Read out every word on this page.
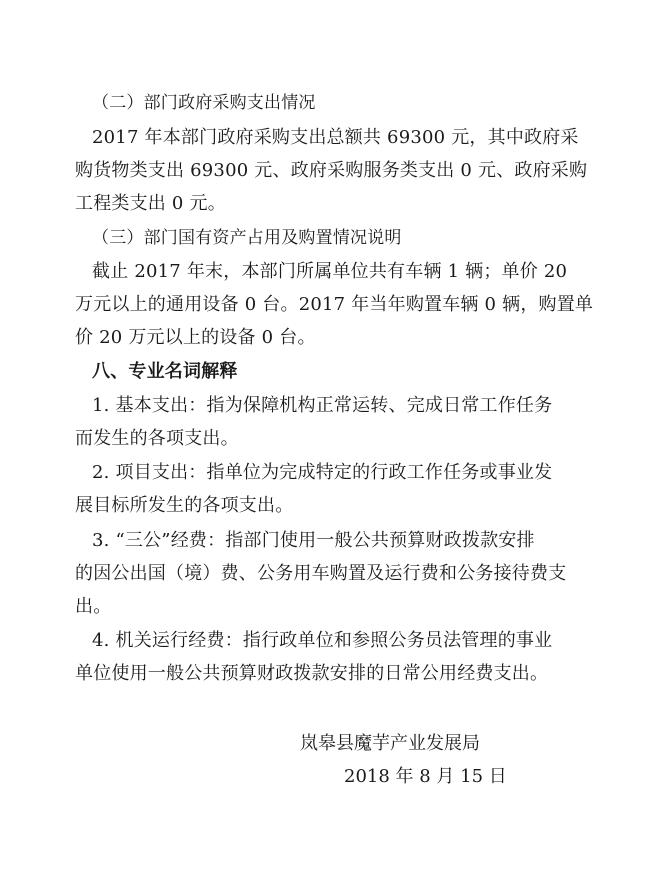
（二）部门政府采购支出情况
2017 年本部门政府采购支出总额共 69300 元，其中政府采
购货物类支出 69300 元、政府采购服务类支出 0 元、政府采购
工程类支出 0 元。
（三）部门国有资产占用及购置情况说明
截止 2017 年末，本部门所属单位共有车辆 1 辆；单价 20
万元以上的通用设备 0 台。2017 年当年购置车辆 0 辆，购置单
价 20 万元以上的设备 0 台。
八、专业名词解释
1. 基本支出：指为保障机构正常运转、完成日常工作任务
而发生的各项支出。
2. 项目支出：指单位为完成特定的行政工作任务或事业发
展目标所发生的各项支出。
3. “三公”经费：指部门使用一般公共预算财政拨款安排
的因公出国（境）费、公务用车购置及运行费和公务接待费支
出。
4. 机关运行经费：指行政单位和参照公务员法管理的事业
单位使用一般公共预算财政拨款安排的日常公用经费支出。
岚皋县魔芋产业发展局
2018 年 8 月 15 日
